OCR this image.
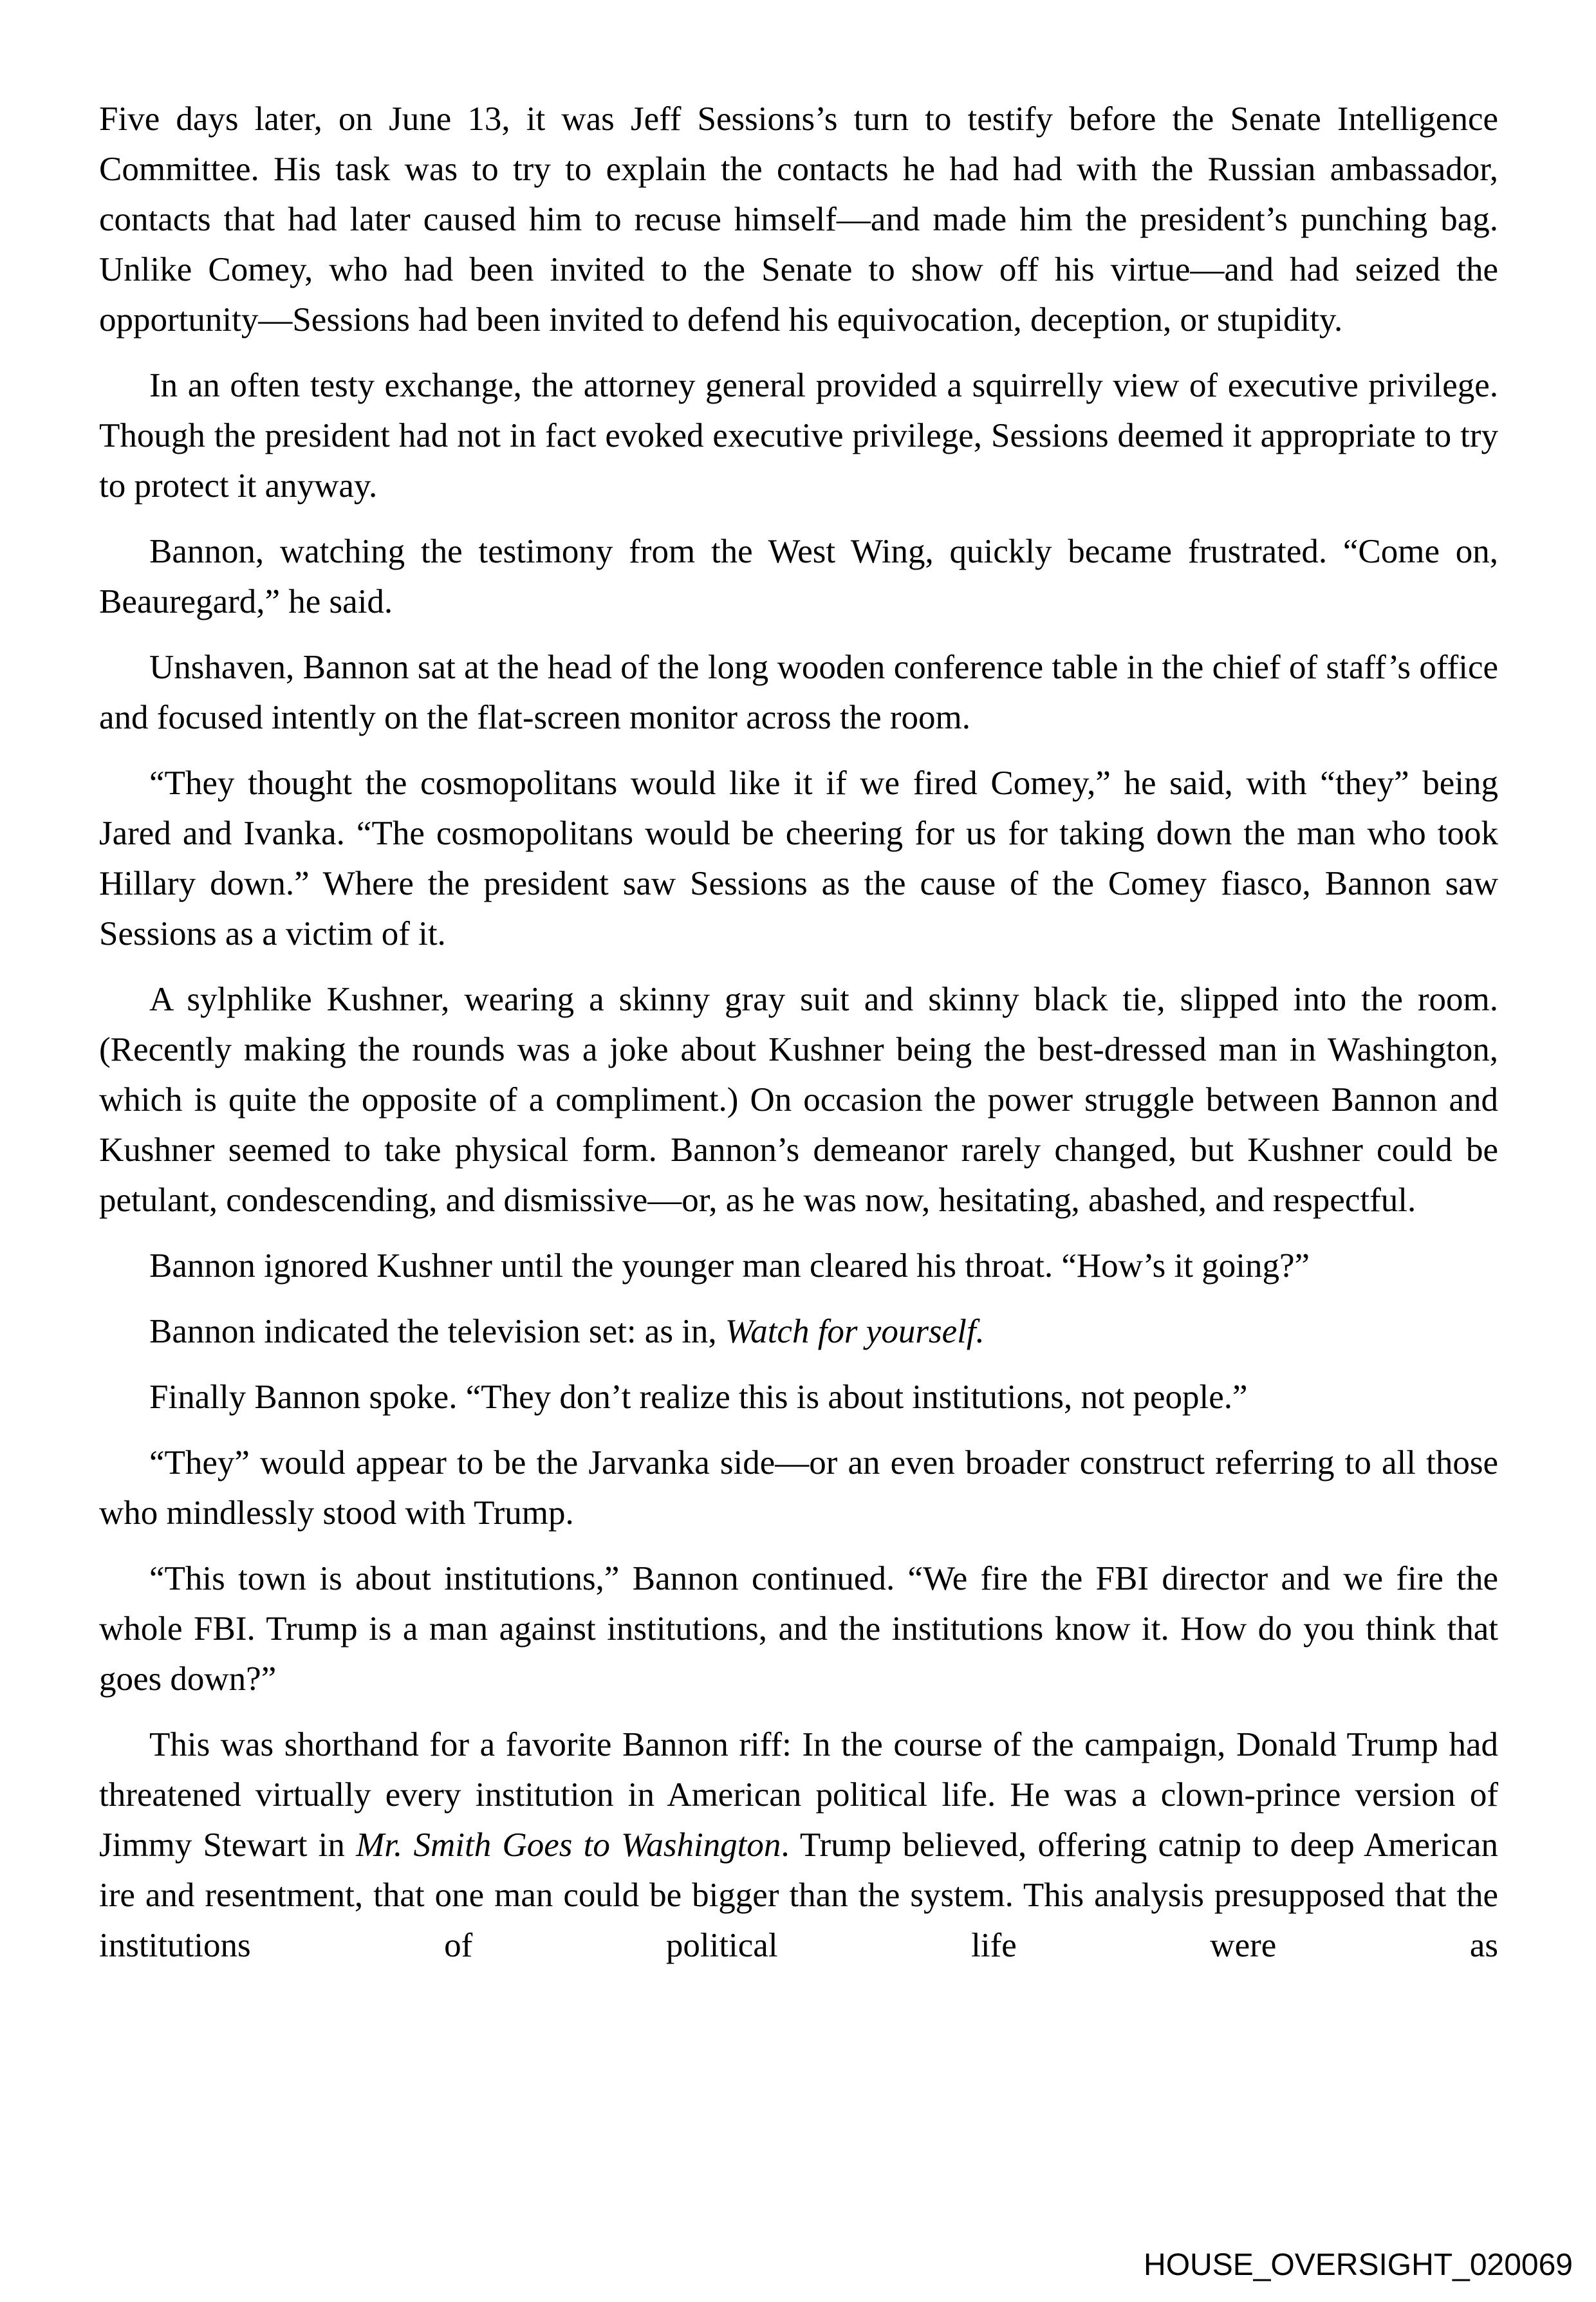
Five days later, on June 13, it was Jeff Sessions’s turn to testify before the Senate Intelligence Committee. His task was to try to explain the contacts he had had with the Russian ambassador, contacts that had later caused him to recuse himself—and made him the president’s punching bag. Unlike Comey, who had been invited to the Senate to show off his virtue—and had seized the opportunity—Sessions had been invited to defend his equivocation, deception, or stupidity.

In an often testy exchange, the attorney general provided a squirrelly view of executive privilege. Though the president had not in fact evoked executive privilege, Sessions deemed it appropriate to try to protect it anyway.

Bannon, watching the testimony from the West Wing, quickly became frustrated. “Come on, Beauregard,” he said.

Unshaven, Bannon sat at the head of the long wooden conference table in the chief of staff’s office and focused intently on the flat-screen monitor across the room.

“They thought the cosmopolitans would like it if we fired Comey,” he said, with “they” being Jared and Ivanka. “The cosmopolitans would be cheering for us for taking down the man who took Hillary down.” Where the president saw Sessions as the cause of the Comey fiasco, Bannon saw Sessions as a victim of it.

A sylphlike Kushner, wearing a skinny gray suit and skinny black tie, slipped into the room. (Recently making the rounds was a joke about Kushner being the best-dressed man in Washington, which is quite the opposite of a compliment.) On occasion the power struggle between Bannon and Kushner seemed to take physical form. Bannon’s demeanor rarely changed, but Kushner could be petulant, condescending, and dismissive—or, as he was now, hesitating, abashed, and respectful.

Bannon ignored Kushner until the younger man cleared his throat. “How’s it going?”

Bannon indicated the television set: as in, Watch for yourself.

Finally Bannon spoke. “They don’t realize this is about institutions, not people.”

“They” would appear to be the Jarvanka side—or an even broader construct referring to all those who mindlessly stood with Trump.

“This town is about institutions,” Bannon continued. “We fire the FBI director and we fire the whole FBI. Trump is a man against institutions, and the institutions know it. How do you think that goes down?”

This was shorthand for a favorite Bannon riff: In the course of the campaign, Donald Trump had threatened virtually every institution in American political life. He was a clown-prince version of Jimmy Stewart in Mr. Smith Goes to Washington. Trump believed, offering catnip to deep American ire and resentment, that one man could be bigger than the system. This analysis presupposed that the institutions of political life were as

HOUSE_OVERSIGHT_020069
